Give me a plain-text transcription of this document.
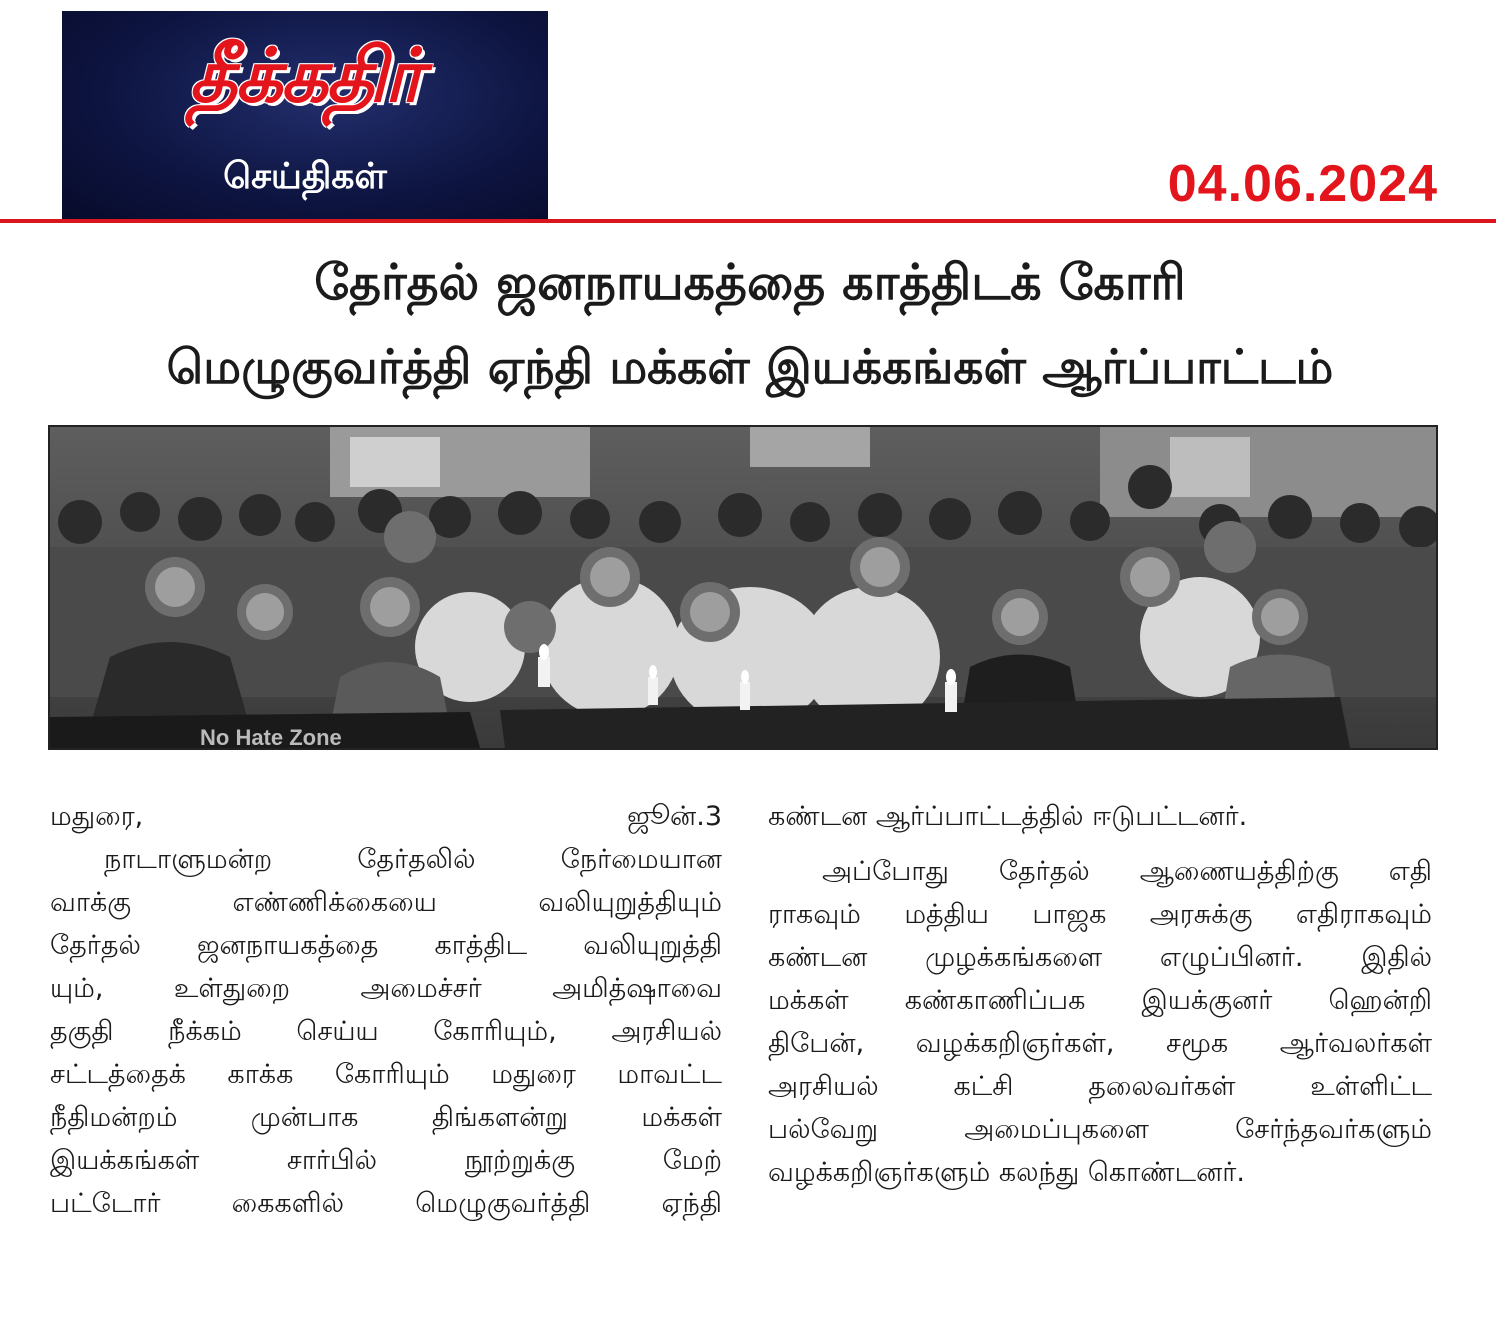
தீக்கதிர்
செய்திகள்	04.06.2024
தேர்தல் ஜனநாயகத்தை காத்திடக் கோரி
மெழுகுவர்த்தி ஏந்தி மக்கள் இயக்கங்கள் ஆர்ப்பாட்டம்
No Hate Zone

மதுரை, ஜூன்.3

நாடாளுமன்ற தேர்தலில் நேர்மையான

வாக்கு எண்ணிக்கையை வலியுறுத்தியும்

தேர்தல் ஜனநாயகத்தை காத்திட வலியுறுத்தி

யும், உள்துறை அமைச்சர் அமித்ஷாவை

தகுதி நீக்கம் செய்ய கோரியும், அரசியல்

சட்டத்தைக் காக்க கோரியும் மதுரை மாவட்ட

நீதிமன்றம் முன்பாக திங்களன்று மக்கள்

இயக்கங்கள் சார்பில் நூற்றுக்கு மேற்

பட்டோர் கைகளில் மெழுகுவர்த்தி ஏந்தி

கண்டன ஆர்ப்பாட்டத்தில் ஈடுபட்டனர்.

அப்போது தேர்தல் ஆணையத்திற்கு எதி

ராகவும் மத்திய பாஜக அரசுக்கு எதிராகவும்

கண்டன முழக்கங்களை எழுப்பினர். இதில்

மக்கள் கண்காணிப்பக இயக்குனர் ஹென்றி

திபேன், வழக்கறிஞர்கள், சமூக ஆர்வலர்கள்

அரசியல் கட்சி தலைவர்கள் உள்ளிட்ட

பல்வேறு அமைப்புகளை சேர்ந்தவர்களும்

வழக்கறிஞர்களும் கலந்து கொண்டனர்.
